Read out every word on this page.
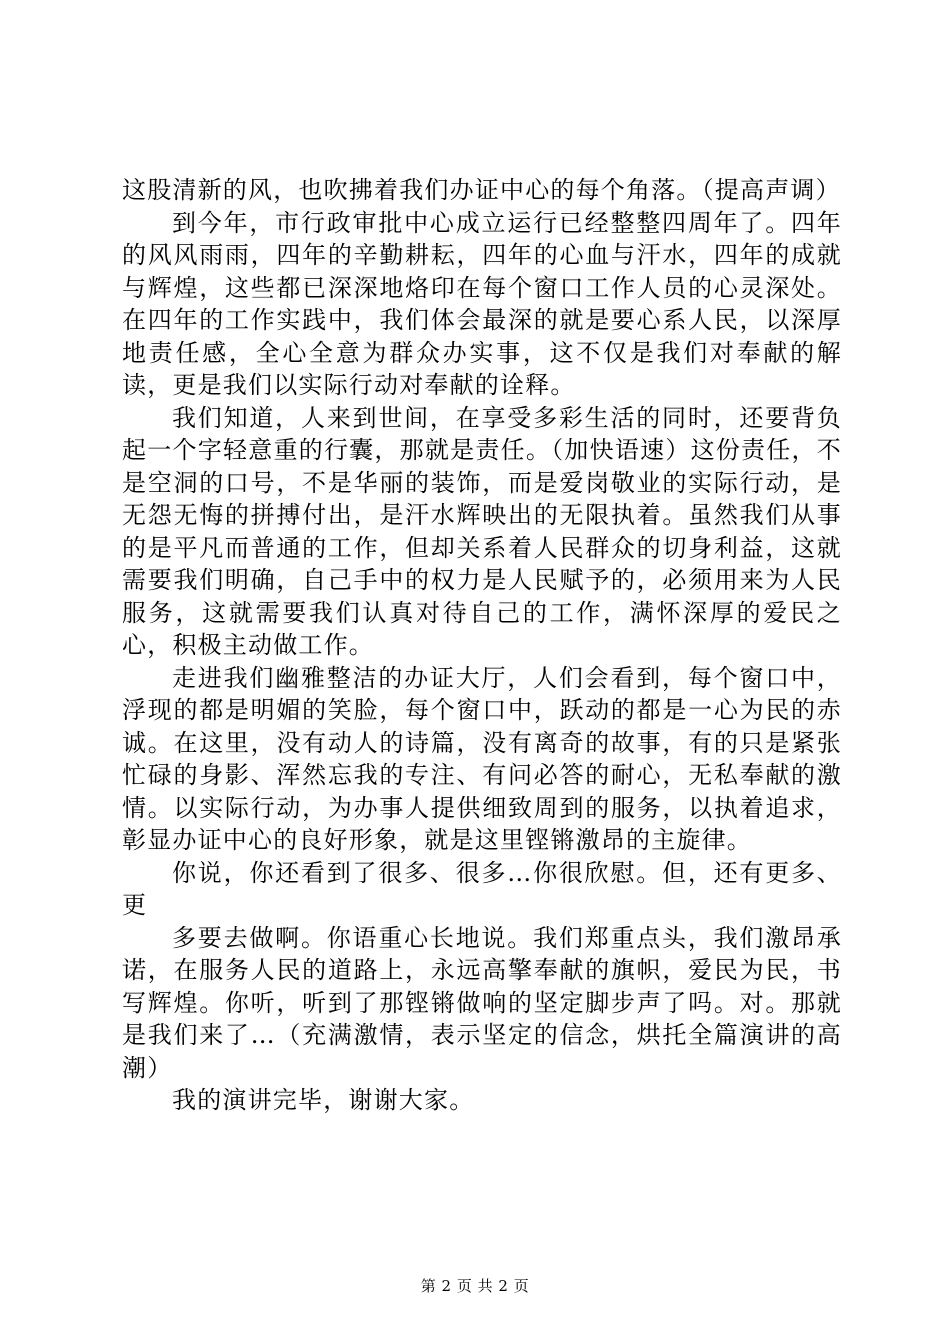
这股清新的风，也吹拂着我们办证中心的每个角落。（提高声调）

到今年，市行政审批中心成立运行已经整整四周年了。四年的风风雨雨，四年的辛勤耕耘，四年的心血与汗水，四年的成就与辉煌，这些都已深深地烙印在每个窗口工作人员的心灵深处。在四年的工作实践中，我们体会最深的就是要心系人民，以深厚地责任感，全心全意为群众办实事，这不仅是我们对奉献的解读，更是我们以实际行动对奉献的诠释。

我们知道，人来到世间，在享受多彩生活的同时，还要背负起一个字轻意重的行囊，那就是责任。（加快语速）这份责任，不是空洞的口号，不是华丽的装饰，而是爱岗敬业的实际行动，是无怨无悔的拼搏付出，是汗水辉映出的无限执着。虽然我们从事的是平凡而普通的工作，但却关系着人民群众的切身利益，这就需要我们明确，自己手中的权力是人民赋予的，必须用来为人民服务，这就需要我们认真对待自己的工作，满怀深厚的爱民之心，积极主动做工作。

走进我们幽雅整洁的办证大厅，人们会看到，每个窗口中，浮现的都是明媚的笑脸，每个窗口中，跃动的都是一心为民的赤诚。在这里，没有动人的诗篇，没有离奇的故事，有的只是紧张忙碌的身影、浑然忘我的专注、有问必答的耐心，无私奉献的激情。以实际行动，为办事人提供细致周到的服务，以执着追求，彰显办证中心的良好形象，就是这里铿锵激昂的主旋律。

你说，你还看到了很多、很多…你很欣慰。但，还有更多、更

多要去做啊。你语重心长地说。我们郑重点头，我们激昂承诺，在服务人民的道路上，永远高擎奉献的旗帜，爱民为民，书写辉煌。你听，听到了那铿锵做响的坚定脚步声了吗。对。那就是我们来了…（充满激情，表示坚定的信念，烘托全篇演讲的高潮）

我的演讲完毕，谢谢大家。

第 2 页 共 2 页
